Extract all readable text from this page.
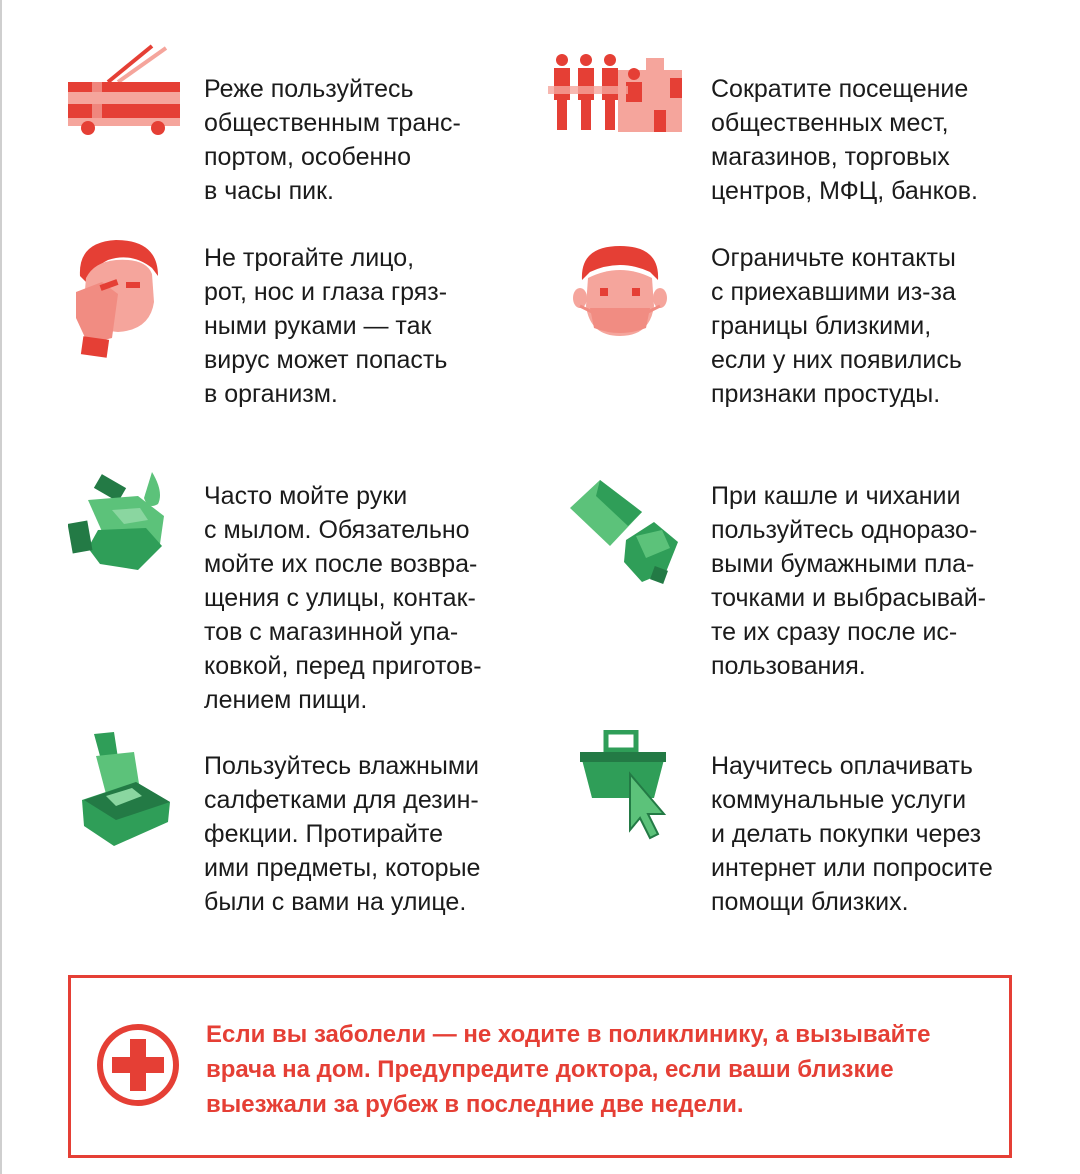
Реже пользуйтесь
общественным транс-
портом, особенно
в часы пик.
Сократите посещение
общественных мест,
магазинов, торговых
центров, МФЦ, банков.
Не трогайте лицо,
рот, нос и глаза гряз-
ными руками — так
вирус может попасть
в организм.
Ограничьте контакты
с приехавшими из-за
границы близкими,
если у них появились
признаки простуды.
Часто мойте руки
с мылом. Обязательно
мойте их после возвра-
щения с улицы, контак-
тов с магазинной упа-
ковкой, перед приготов-
лением пищи.
При кашле и чихании
пользуйтесь одноразо-
выми бумажными пла-
точками и выбрасывай-
те их сразу после ис-
пользования.
Пользуйтесь влажными
салфетками для дезин-
фекции. Протирайте
ими предметы, которые
были с вами на улице.
Научитесь оплачивать
коммунальные услуги
и делать покупки через
интернет или попросите
помощи близких.
Если вы заболели — не ходите в поликлинику, а вызывайте
врача на дом. Предупредите доктора, если ваши близкие
выезжали за рубеж в последние две недели.
